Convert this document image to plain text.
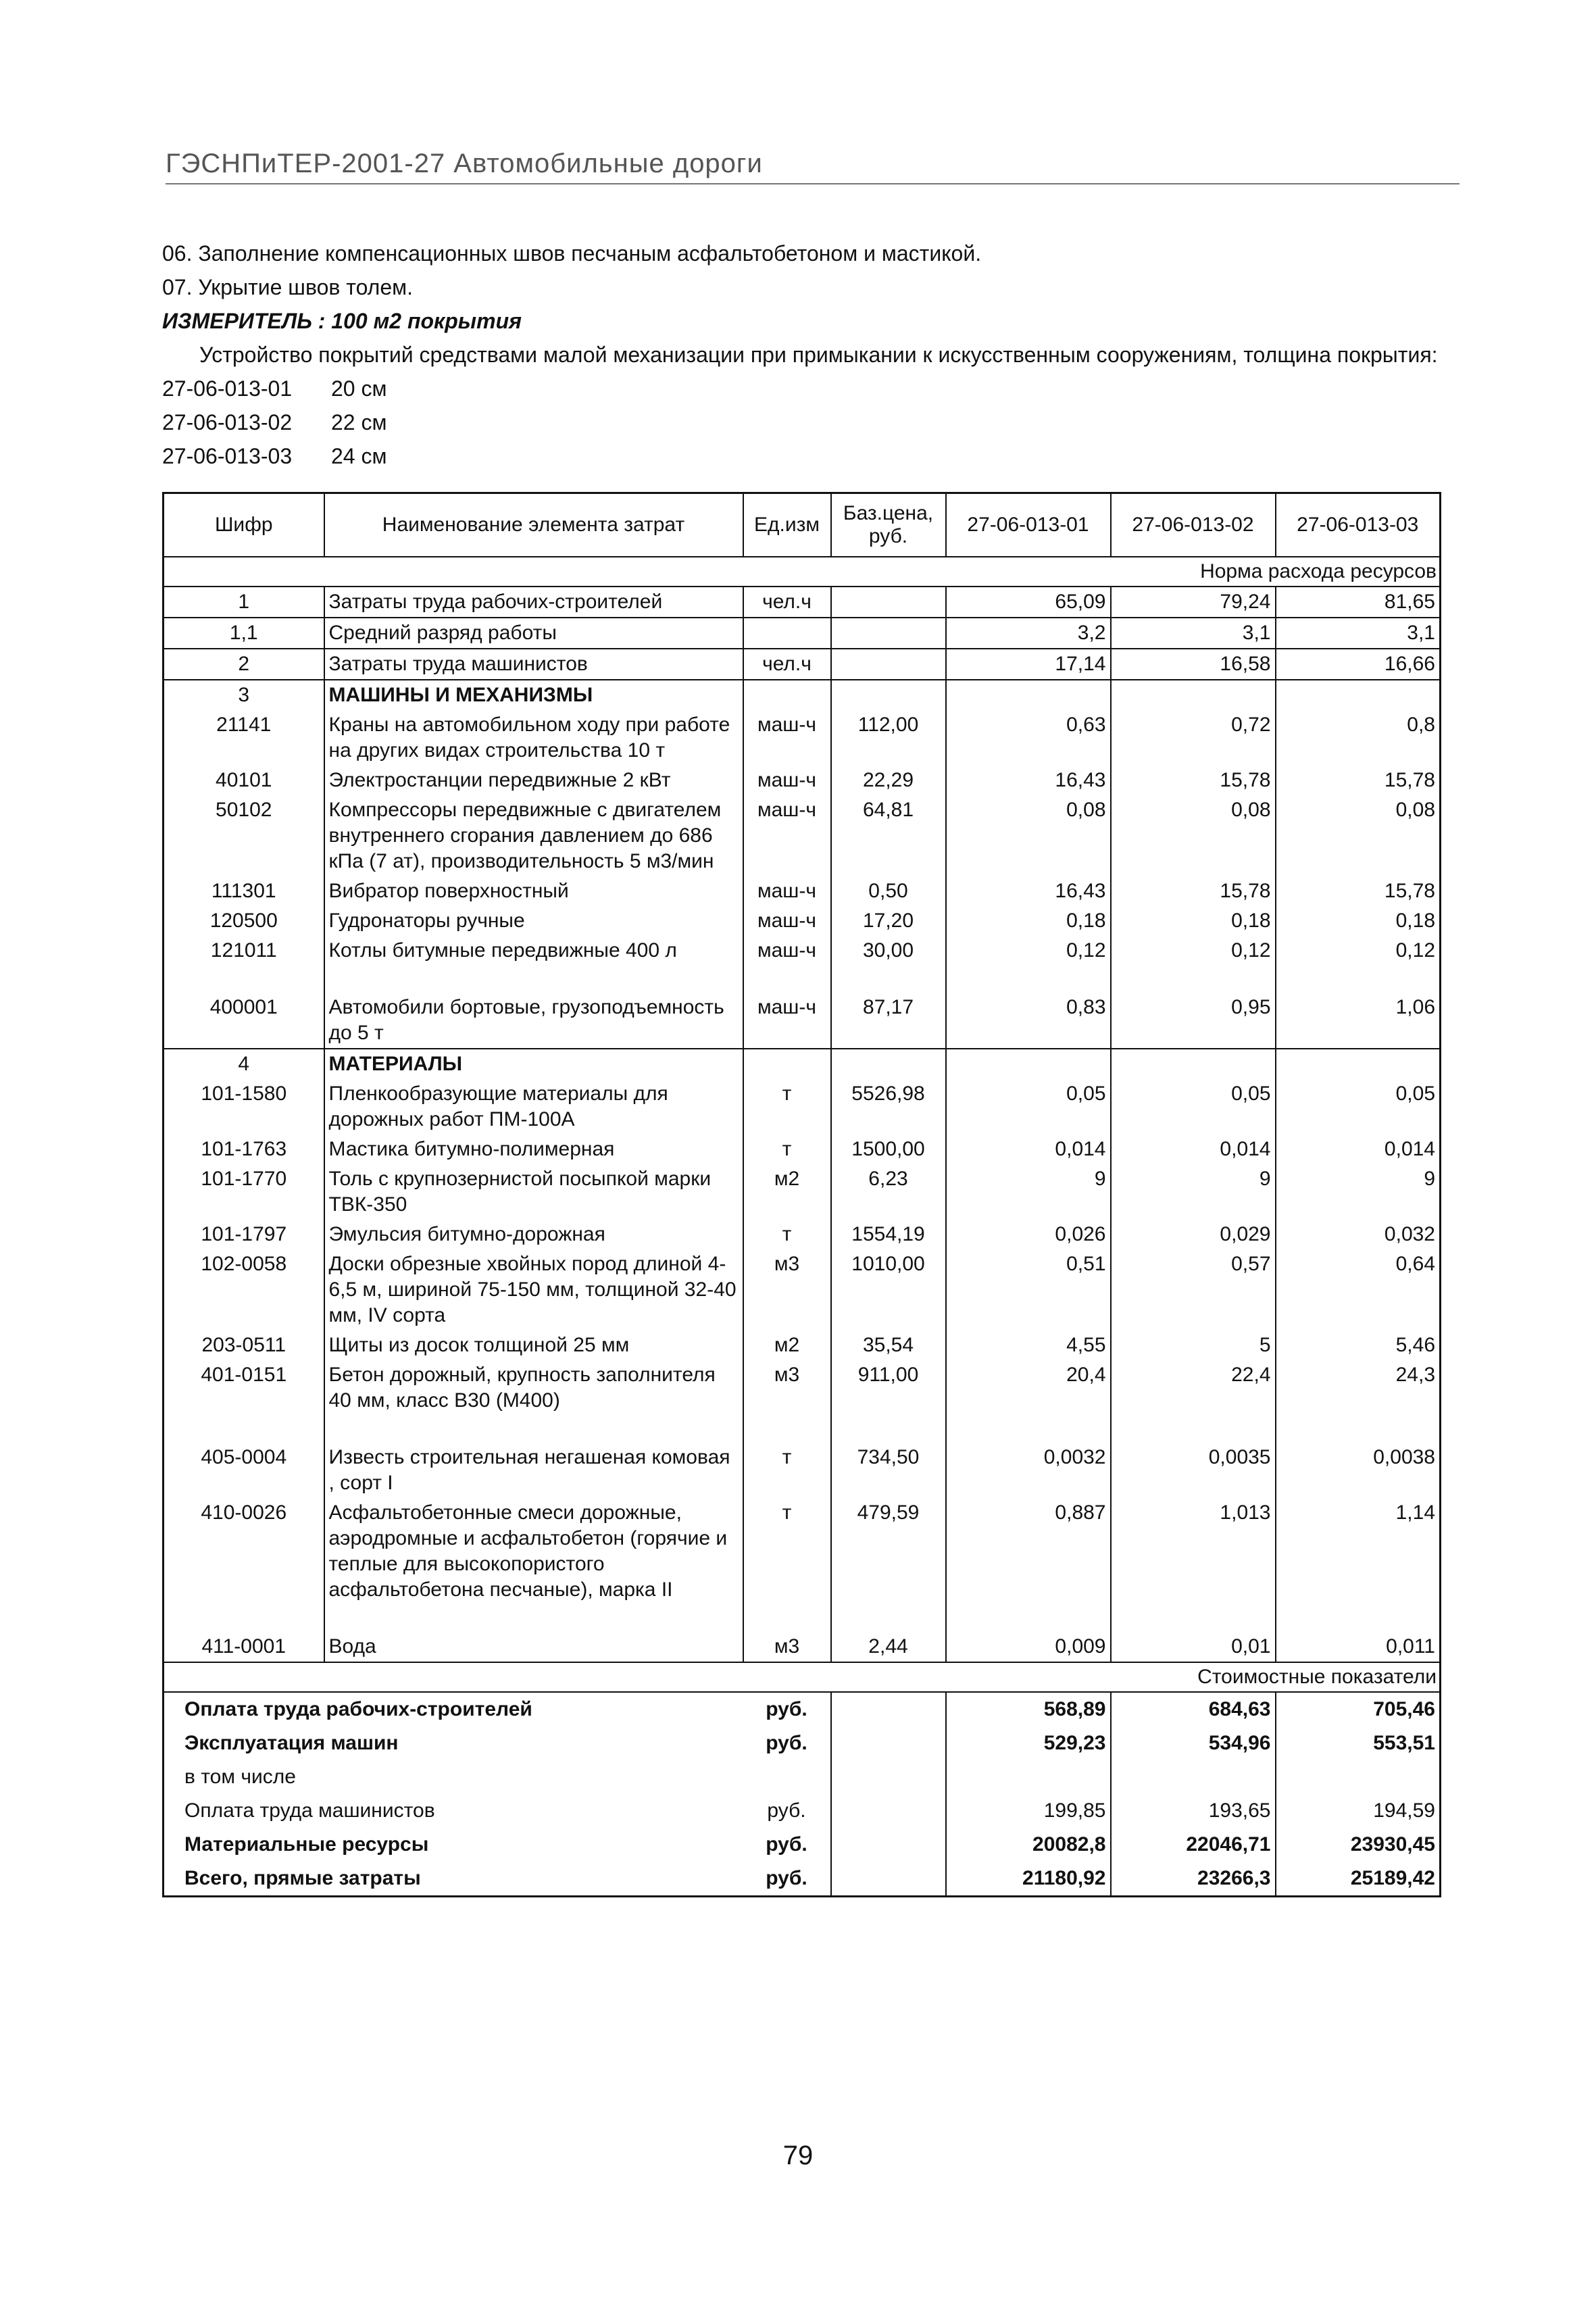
ГЭСНПиТЕР-2001-27 Автомобильные дороги
06. Заполнение компенсационных швов песчаным асфальтобетоном и мастикой.
07. Укрытие швов толем.
ИЗМЕРИТЕЛЬ : 100 м2 покрытия
Устройство покрытий средствами малой механизации при примыкании к искусственным сооружениям, толщина покрытия:
27-06-013-01	20 см
27-06-013-02	22 см
27-06-013-03	24 см
Шифр	Наименование элемента затрат	Ед.изм	Баз.цена, руб.	27-06-013-01	27-06-013-02	27-06-013-03
Норма расхода ресурсов						
1	Затраты труда рабочих-строителей	чел.ч		65,09	79,24	81,65
1,1	Средний разряд работы			3,2	3,1	3,1
2	Затраты труда машинистов	чел.ч		17,14	16,58	16,66
3	МАШИНЫ И МЕХАНИЗМЫ					
21141	Краны на автомобильном ходу при работе на других видах строительства 10 т	маш-ч	112,00	0,63	0,72	0,8
40101	Электростанции передвижные 2 кВт	маш-ч	22,29	16,43	15,78	15,78
50102	Компрессоры передвижные с двигателем внутреннего сгорания давлением до 686 кПа (7 ат), производительность 5 м3/мин	маш-ч	64,81	0,08	0,08	0,08
111301	Вибратор поверхностный	маш-ч	0,50	16,43	15,78	15,78
120500	Гудронаторы ручные	маш-ч	17,20	0,18	0,18	0,18
121011	Котлы битумные передвижные 400 л	маш-ч	30,00	0,12	0,12	0,12

400001	Автомобили бортовые, грузоподъемность до 5 т	маш-ч	87,17	0,83	0,95	1,06
4	МАТЕРИАЛЫ					
101-1580	Пленкообразующие материалы для дорожных работ ПМ-100А	т	5526,98	0,05	0,05	0,05
101-1763	Мастика битумно-полимерная	т	1500,00	0,014	0,014	0,014
101-1770	Толь с крупнозернистой посыпкой марки ТВК-350	м2	6,23	9	9	9
101-1797	Эмульсия битумно-дорожная	т	1554,19	0,026	0,029	0,032
102-0058	Доски обрезные хвойных пород длиной 4-6,5 м, шириной 75-150 мм, толщиной 32-40 мм, IV сорта	м3	1010,00	0,51	0,57	0,64
203-0511	Щиты из досок толщиной 25 мм	м2	35,54	4,55	5	5,46
401-0151	Бетон дорожный, крупность заполнителя 40 мм, класс В30 (М400)	м3	911,00	20,4	22,4	24,3

405-0004	Известь строительная негашеная комовая , сорт I	т	734,50	0,0032	0,0035	0,0038
410-0026	Асфальтобетонные смеси дорожные, аэродромные и асфальтобетон (горячие и теплые для высокопористого асфальтобетона песчаные), марка II	т	479,59	0,887	1,013	1,14

411-0001	Вода	м3	2,44	0,009	0,01	0,011
Стоимостные показатели						
Оплата труда рабочих-строителей		руб.		568,89	684,63	705,46
Эксплуатация машин		руб.		529,23	534,96	553,51
в том числе						
Оплата труда машинистов		руб.		199,85	193,65	194,59
Материальные ресурсы		руб.		20082,8	22046,71	23930,45
Всего, прямые затраты		руб.		21180,92	23266,3	25189,42
79
